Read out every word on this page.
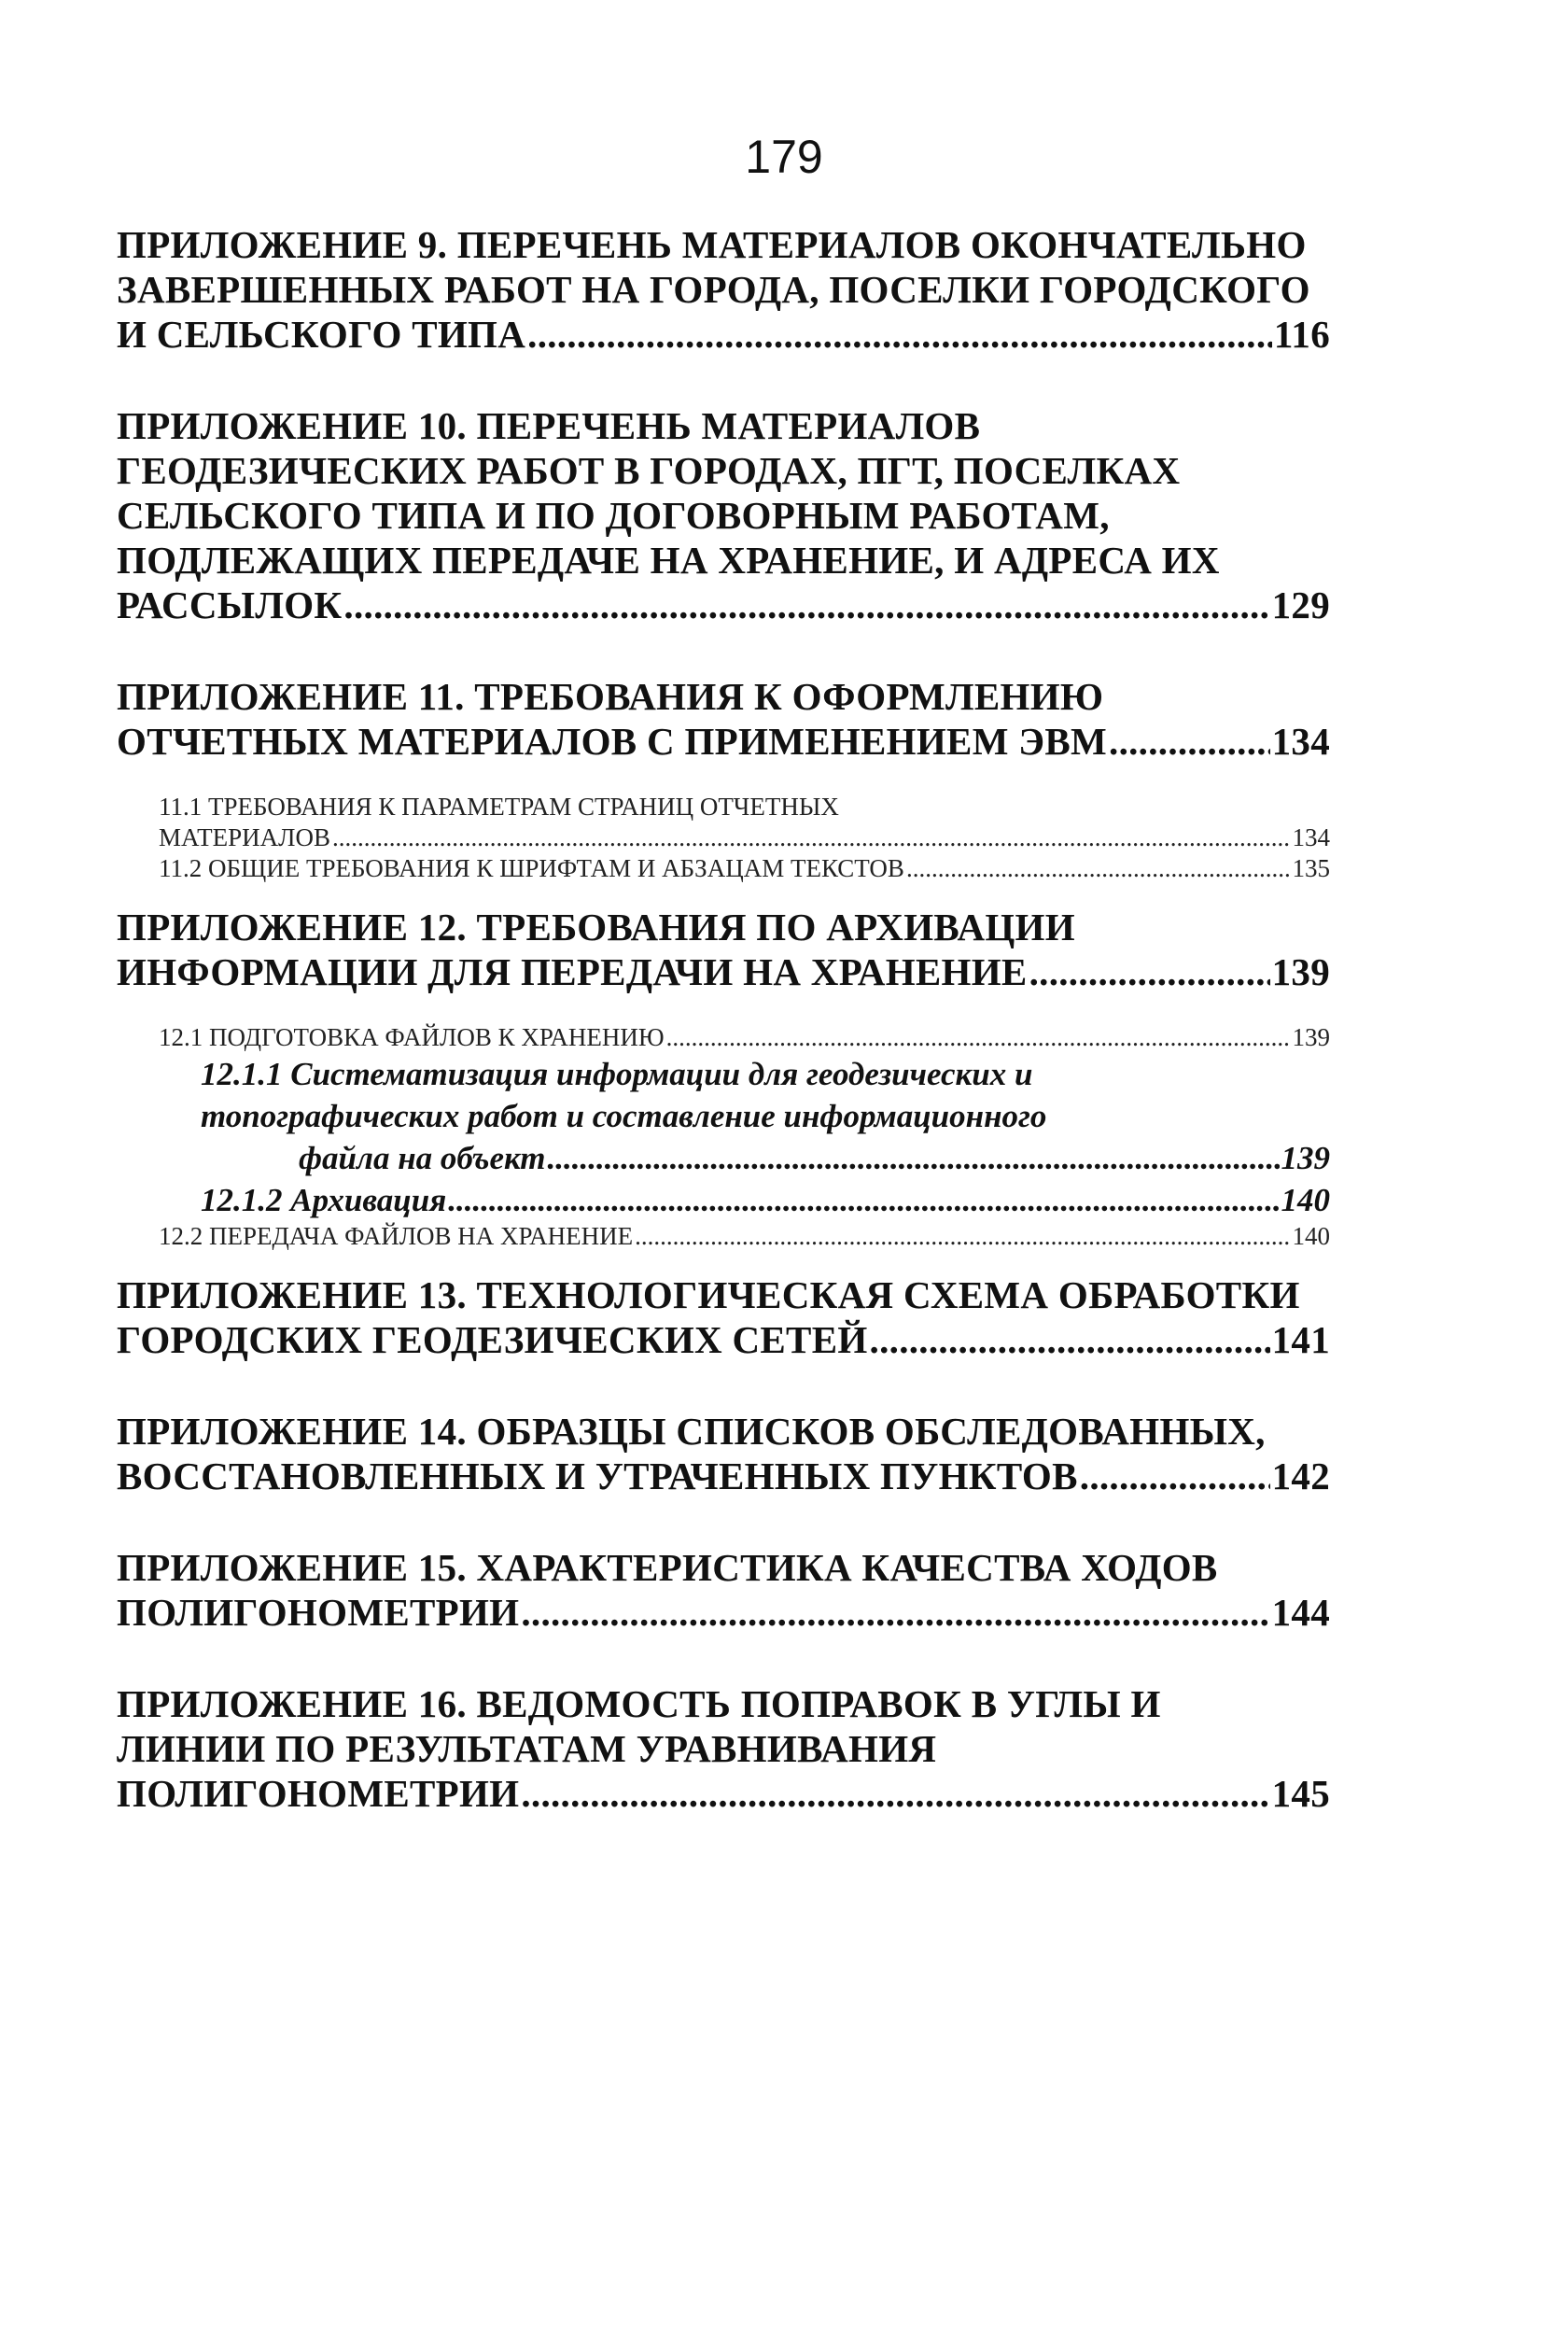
179
ПРИЛОЖЕНИЕ 9. ПЕРЕЧЕНЬ МАТЕРИАЛОВ ОКОНЧАТЕЛЬНО
ЗАВЕРШЕННЫХ РАБОТ НА ГОРОДА, ПОСЕЛКИ ГОРОДСКОГО
И СЕЛЬСКОГО ТИПА .....	116
ПРИЛОЖЕНИЕ 10. ПЕРЕЧЕНЬ МАТЕРИАЛОВ
ГЕОДЕЗИЧЕСКИХ РАБОТ В ГОРОДАХ, ПГТ, ПОСЕЛКАХ
СЕЛЬСКОГО ТИПА И ПО ДОГОВОРНЫМ РАБОТАМ,
ПОДЛЕЖАЩИХ ПЕРЕДАЧЕ НА ХРАНЕНИЕ, И АДРЕСА ИХ
РАССЫЛОК .....	129
ПРИЛОЖЕНИЕ 11. ТРЕБОВАНИЯ К ОФОРМЛЕНИЮ
ОТЧЕТНЫХ МАТЕРИАЛОВ С ПРИМЕНЕНИЕМ ЭВМ .....	134
11.1 ТРЕБОВАНИЯ К ПАРАМЕТРАМ СТРАНИЦ ОТЧЕТНЫХ
МАТЕРИАЛОВ .....	134
11.2 ОБЩИЕ ТРЕБОВАНИЯ К ШРИФТАМ И АБЗАЦАМ ТЕКСТОВ .....	135
ПРИЛОЖЕНИЕ 12. ТРЕБОВАНИЯ ПО АРХИВАЦИИ
ИНФОРМАЦИИ ДЛЯ ПЕРЕДАЧИ НА ХРАНЕНИЕ .....	139
12.1 ПОДГОТОВКА ФАЙЛОВ К ХРАНЕНИЮ .....	139
12.1.1 Систематизация информации для геодезических и
топографических работ и составление информационного
файла на объект .....	139
12.1.2 Архивация .....	140
12.2 ПЕРЕДАЧА ФАЙЛОВ НА ХРАНЕНИЕ .....	140
ПРИЛОЖЕНИЕ 13. ТЕХНОЛОГИЧЕСКАЯ СХЕМА ОБРАБОТКИ
ГОРОДСКИХ ГЕОДЕЗИЧЕСКИХ СЕТЕЙ .....	141
ПРИЛОЖЕНИЕ 14. ОБРАЗЦЫ СПИСКОВ ОБСЛЕДОВАННЫХ,
ВОССТАНОВЛЕННЫХ И УТРАЧЕННЫХ ПУНКТОВ .....	142
ПРИЛОЖЕНИЕ 15. ХАРАКТЕРИСТИКА КАЧЕСТВА ХОДОВ
ПОЛИГОНОМЕТРИИ .....	144
ПРИЛОЖЕНИЕ 16. ВЕДОМОСТЬ ПОПРАВОК В УГЛЫ И
ЛИНИИ ПО РЕЗУЛЬТАТАМ УРАВНИВАНИЯ
ПОЛИГОНОМЕТРИИ .....	145
